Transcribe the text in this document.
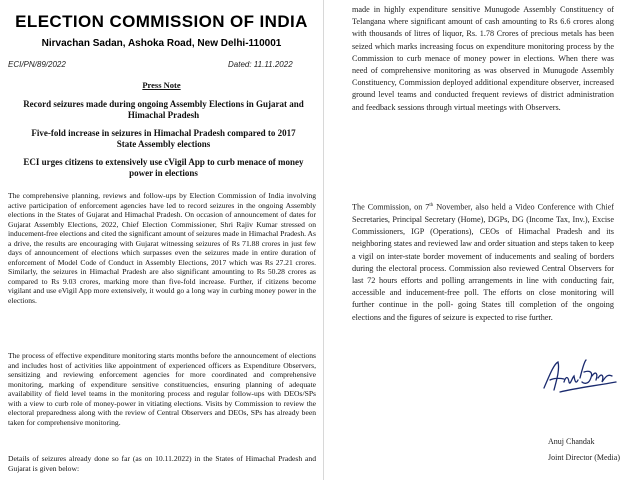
ELECTION COMMISSION OF INDIA
Nirvachan Sadan, Ashoka Road, New Delhi-110001
ECI/PN/89/2022	Dated: 11.11.2022
Press Note
Record seizures made during ongoing Assembly Elections in Gujarat and Himachal Pradesh
Five-fold increase in seizures in Himachal Pradesh compared to 2017 State Assembly elections
ECI urges citizens to extensively use cVigil App to curb menace of money power in elections

The comprehensive planning, reviews and follow-ups by Election Commission of India involving active participation of enforcement agencies have led to record seizures in the ongoing Assembly elections in the States of Gujarat and Himachal Pradesh. On occasion of announcement of dates for Gujarat Assembly Elections, 2022, Chief Election Commissioner, Shri Rajiv Kumar stressed on inducement-free elections and cited the significant amount of seizures made in Himachal Pradesh. As a drive, the results are encouraging with Gujarat witnessing seizures of Rs 71.88 crores in just few days of announcement of elections which surpasses even the seizures made in entire duration of enforcement of Model Code of Conduct in Assembly Elections, 2017 which was Rs 27.21 crores. Similarly, the seizures in Himachal Pradesh are also significant amounting to Rs 50.28 crores as compared to Rs 9.03 crores, marking more than five-fold increase. Further, if citizens become vigilant and use eVigil App more extensively, it would go a long way in curbing money power in the elections.

The process of effective expenditure monitoring starts months before the announcement of elections and includes host of activities like appointment of experienced officers as Expenditure Observers, sensitizing and reviewing enforcement agencies for more coordinated and comprehensive monitoring, marking of expenditure sensitive constituencies, ensuring planning of adequate availability of field level teams in the monitoring process and regular follow-ups with DEOs/SPs with a view to curb role of money-power in vitiating elections. Visits by Commission to review the electoral preparedness along with the review of Central Observers and DEOs, SPs has already been taken for comprehensive monitoring.

Details of seizures already done so far (as on 10.11.2022) in the States of Himachal Pradesh and Gujarat is given below:

made in highly expenditure sensitive Munugode Assembly Constituency of Telangana where significant amount of cash amounting to Rs 6.6 crores along with thousands of litres of liquor, Rs. 1.78 Crores of precious metals has been seized which marks increasing focus on expenditure monitoring process by the Commission to curb menace of money power in elections. When there was need of comprehensive monitoring as was observed in Munugode Assembly Constituency, Commission deployed additional expenditure observer, increased ground level teams and conducted frequent reviews of district administration and feedback sessions through virtual meetings with Observers.

The Commission, on 7th November, also held a Video Conference with Chief Secretaries, Principal Secretary (Home), DGPs, DG (Income Tax, Inv.), Excise Commissioners, IGP (Operations), CEOs of Himachal Pradesh and its neighboring states and reviewed law and order situation and steps taken to keep a vigil on inter-state border movement of inducements and sealing of borders during the electoral process. Commission also reviewed Central Observers for last 72 hours efforts and polling arrangements in line with conducting fair, accessible and inducement-free poll. The efforts on close monitoring will further continue in the poll- going States till completion of the ongoing elections and the figures of seizure is expected to rise further.

Anuj Chandak
Joint Director (Media)
